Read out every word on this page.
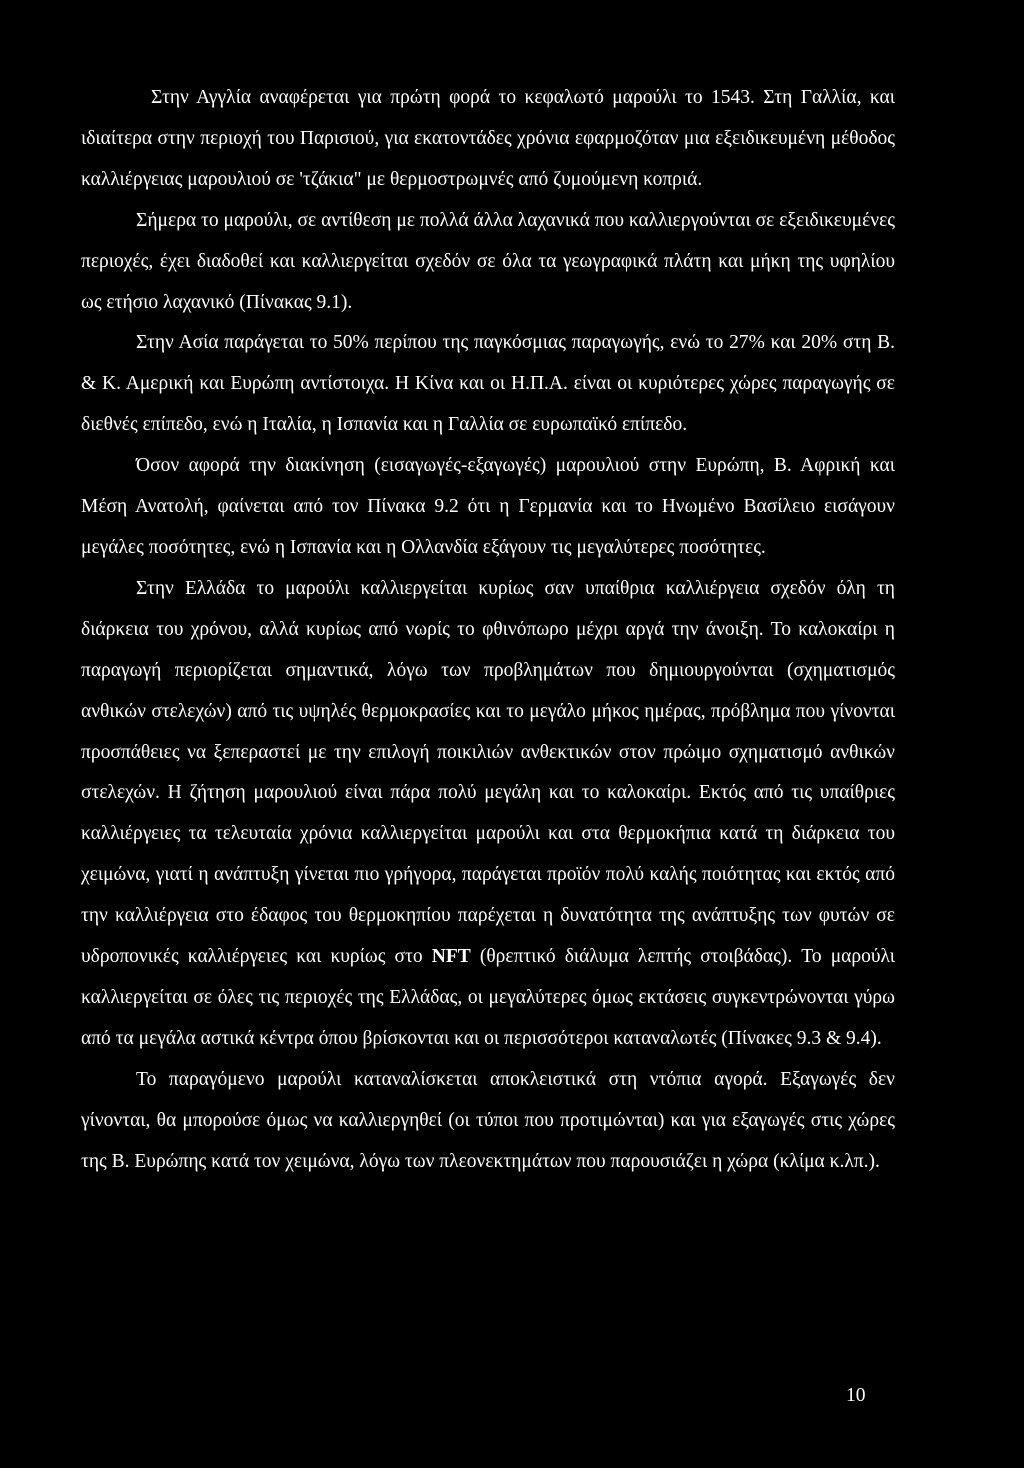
Στην Αγγλία αναφέρεται για πρώτη φορά το κεφαλωτό μαρούλι το 1543. Στη Γαλλία, και ιδιαίτερα στην περιοχή του Παρισιού, για εκατοντάδες χρόνια εφαρμοζόταν μια εξειδικευμένη μέθοδος καλλιέργειας μαρουλιού σε 'τζάκια" με θερμοστρωμνές από ζυμούμενη κοπριά.

Σήμερα το μαρούλι, σε αντίθεση με πολλά άλλα λαχανικά που καλλιεργούνται σε εξειδικευμένες περιοχές, έχει διαδοθεί και καλλιεργείται σχεδόν σε όλα τα γεωγραφικά πλάτη και μήκη της υφηλίου ως ετήσιο λαχανικό (Πίνακας 9.1).

Στην Ασία παράγεται το 50% περίπου της παγκόσμιας παραγωγής, ενώ το 27% και 20% στη Β. & Κ. Αμερική και Ευρώπη αντίστοιχα. Η Κίνα και οι Η.Π.Α. είναι οι κυριότερες χώρες παραγωγής σε διεθνές επίπεδο, ενώ η Ιταλία, η Ισπανία και η Γαλλία σε ευρωπαϊκό επίπεδο.

Όσον αφορά την διακίνηση (εισαγωγές-εξαγωγές) μαρουλιού στην Ευρώπη, Β. Αφρική και Μέση Ανατολή, φαίνεται από τον Πίνακα 9.2 ότι η Γερμανία και το Ηνωμένο Βασίλειο εισάγουν μεγάλες ποσότητες, ενώ η Ισπανία και η Ολλανδία εξάγουν τις μεγαλύτερες ποσότητες.

Στην Ελλάδα το μαρούλι καλλιεργείται κυρίως σαν υπαίθρια καλλιέργεια σχεδόν όλη τη διάρκεια του χρόνου, αλλά κυρίως από νωρίς το φθινόπωρο μέχρι αργά την άνοιξη. Το καλοκαίρι η παραγωγή περιορίζεται σημαντικά, λόγω των προβλημάτων που δημιουργούνται (σχηματισμός ανθικών στελεχών) από τις υψηλές θερμοκρασίες και το μεγάλο μήκος ημέρας, πρόβλημα που γίνονται προσπάθειες να ξεπεραστεί με την επιλογή ποικιλιών ανθεκτικών στον πρώιμο σχηματισμό ανθικών στελεχών. Η ζήτηση μαρουλιού είναι πάρα πολύ μεγάλη και το καλοκαίρι. Εκτός από τις υπαίθριες καλλιέργειες τα τελευταία χρόνια καλλιεργείται μαρούλι και στα θερμοκήπια κατά τη διάρκεια του χειμώνα, γιατί η ανάπτυξη γίνεται πιο γρήγορα, παράγεται προϊόν πολύ καλής ποιότητας και εκτός από την καλλιέργεια στο έδαφος του θερμοκηπίου παρέχεται η δυνατότητα της ανάπτυξης των φυτών σε υδροπονικές καλλιέργειες και κυρίως στο NFT (θρεπτικό διάλυμα λεπτής στοιβάδας). Το μαρούλι καλλιεργείται σε όλες τις περιοχές της Ελλάδας, οι μεγαλύτερες όμως εκτάσεις συγκεντρώνονται γύρω από τα μεγάλα αστικά κέντρα όπου βρίσκονται και οι περισσότεροι καταναλωτές (Πίνακες 9.3 & 9.4).

Το παραγόμενο μαρούλι καταναλίσκεται αποκλειστικά στη ντόπια αγορά. Εξαγωγές δεν γίνονται, θα μπορούσε όμως να καλλιεργηθεί (οι τύποι που προτιμώνται) και για εξαγωγές στις χώρες της Β. Ευρώπης κατά τον χειμώνα, λόγω των πλεονεκτημάτων που παρουσιάζει η χώρα (κλίμα κ.λπ.).

10
